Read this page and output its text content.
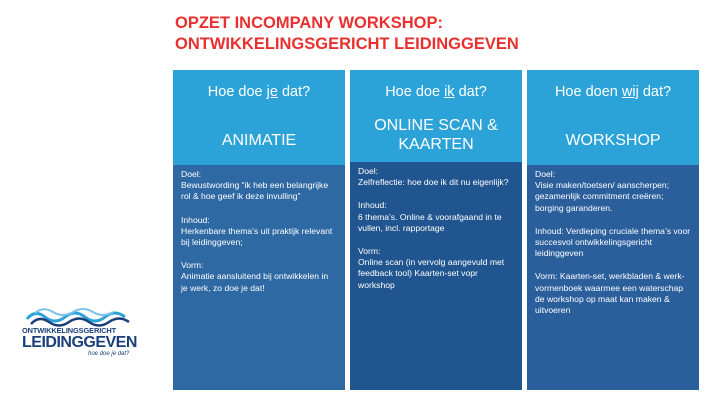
OPZET INCOMPANY WORKSHOP:
ONTWIKKELINGSGERICHT LEIDINGGEVEN
Hoe doe je dat?
ANIMATIE

Doel:
Bewustwording “ik heb een belangrijke rol & hoe geef ik deze invulling”

Inhoud:
Herkenbare thema’s uit praktijk relevant bij leidinggeven;

Vorm:
Animatie aansluitend bij ontwikkelen in je werk, zo doe je dat!

Hoe doe ik dat?
ONLINE SCAN & KAARTEN

Doel:
Zelfreflectie: hoe doe ik dit nu eigenlijk?

Inhoud:
6 thema’s. Online & voorafgaand in te vullen, incl. rapportage

Vorm:
Online scan (in vervolg aangevuld met feedback tool) Kaarten-set vopr workshop

Hoe doen wij dat?
WORKSHOP

Doel:
Visie maken/toetsen/ aanscherpen; gezamenlijk commitment creëren; borging garanderen.

Inhoud: Verdieping cruciale thema’s voor succesvol ontwikkelingsgericht leidinggeven

Vorm: Kaarten-set, werkbladen & werk-vormenboek waarmee een waterschap de workshop op maat kan maken & uitvoeren

ONTWIKKELINGSGERICHT
LEIDINGGEVEN
hoe doe je dat?
